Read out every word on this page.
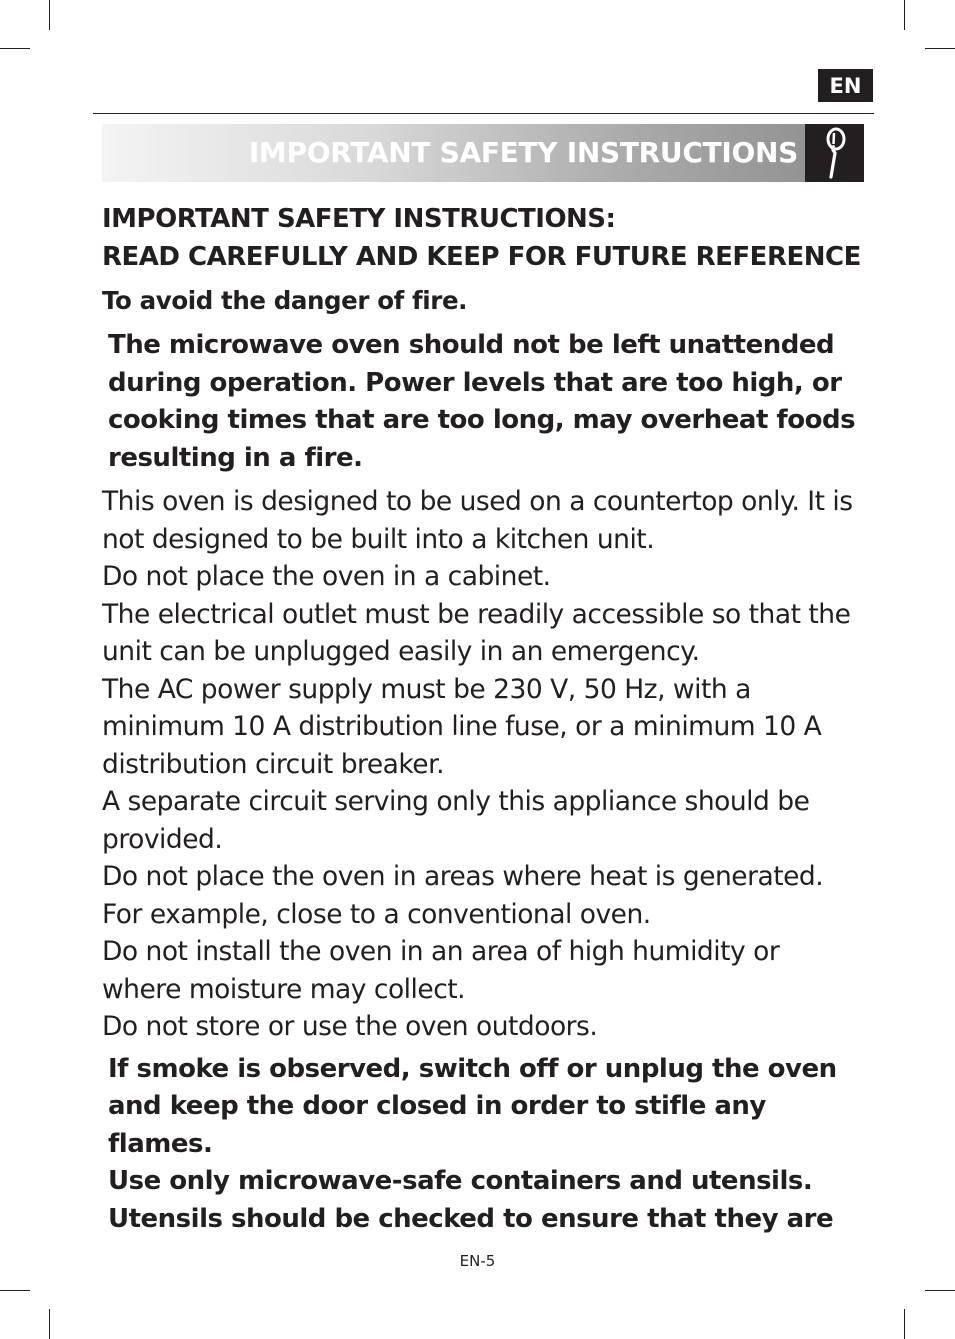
EN
IMPORTANT SAFETY INSTRUCTIONS
IMPORTANT SAFETY INSTRUCTIONS:
READ CAREFULLY AND KEEP FOR FUTURE REFERENCE
To avoid the danger of fire.
The microwave oven should not be left unattended
during operation. Power levels that are too high, or
cooking times that are too long, may overheat foods
resulting in a fire.
This oven is designed to be used on a countertop only. It is
not designed to be built into a kitchen unit.
Do not place the oven in a cabinet.
The electrical outlet must be readily accessible so that the
unit can be unplugged easily in an emergency.
The AC power supply must be 230 V, 50 Hz, with a
minimum 10 A distribution line fuse, or a minimum 10 A
distribution circuit breaker.
A separate circuit serving only this appliance should be
provided.
Do not place the oven in areas where heat is generated.
For example, close to a conventional oven.
Do not install the oven in an area of high humidity or
where moisture may collect.
Do not store or use the oven outdoors.
If smoke is observed, switch off or unplug the oven
and keep the door closed in order to stifle any flames.
Use only microwave-safe containers and utensils.
Utensils should be checked to ensure that they are
EN-5
